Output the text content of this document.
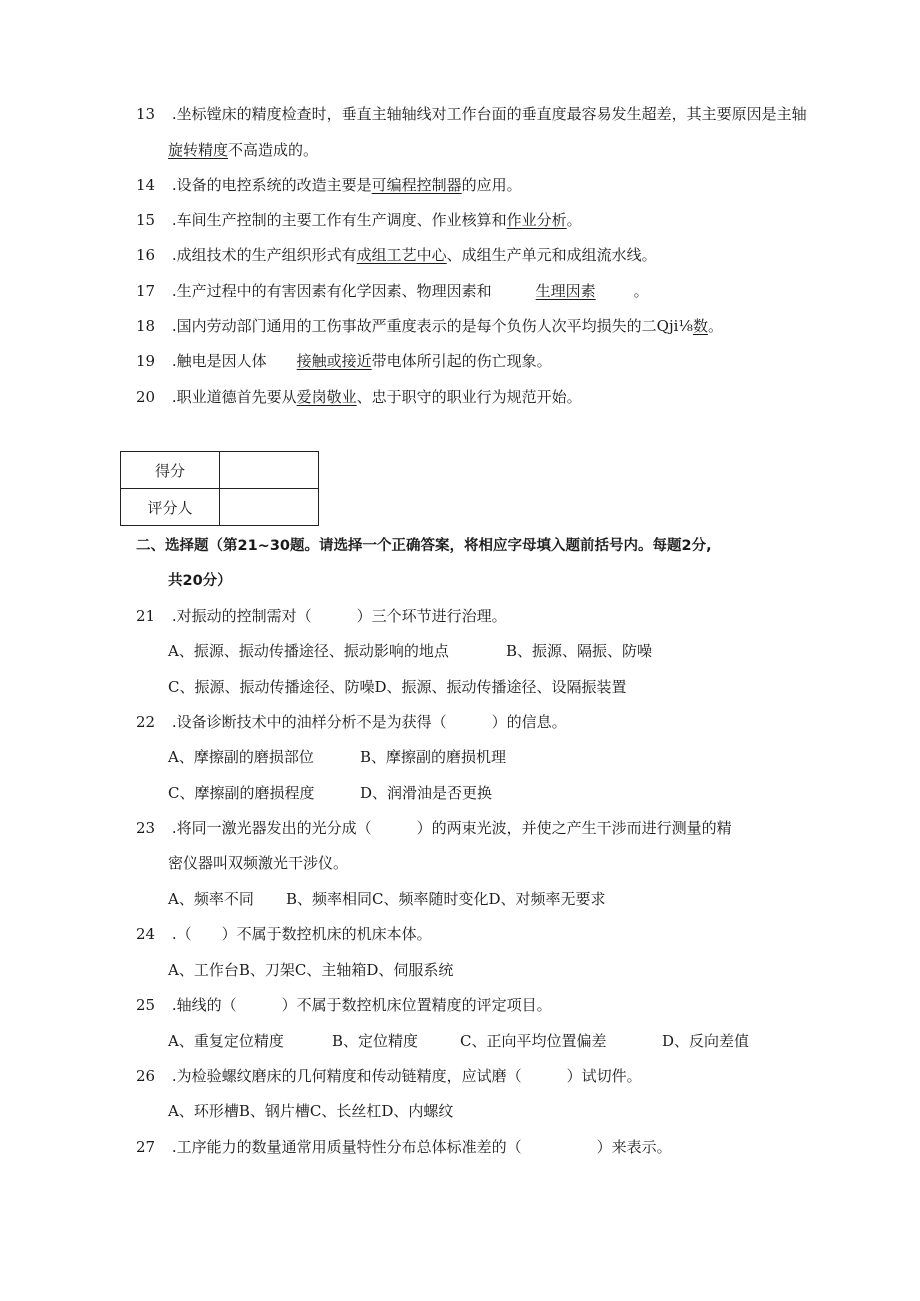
13 .坐标镗床的精度检查时，垂直主轴轴线对工作台面的垂直度最容易发生超差，其主要原因是主轴
旋转精度不高造成的。
14 .设备的电控系统的改造主要是可编程控制器的应用。
15 .车间生产控制的主要工作有生产调度、作业核算和作业分析。
16 .成组技术的生产组织形式有成组工艺中心、成组生产单元和成组流水线。
17 .生产过程中的有害因素有化学因素、物理因素和	生理因素	。
18 .国内劳动部门通用的工伤事故严重度表示的是每个负伤人次平均损失的二Qji⅛数。
19 .触电是因人体 接触或接近带电体所引起的伤亡现象。
20 .职业道德首先要从爱岗敬业、忠于职守的职业行为规范开始。
得分	
评分人	
二、选择题（第21~30题。请选择一个正确答案，将相应字母填入题前括号内。每题2分,
共20分）
21 .对振动的控制需对（　　　）三个环节进行治理。
A、振源、振动传播途径、振动影响的地点	B、振源、隔振、防噪
C、振源、振动传播途径、防噪D、振源、振动传播途径、设隔振装置
22 .设备诊断技术中的油样分析不是为获得（　　　）的信息。
A、摩擦副的磨损部位	B、摩擦副的磨损机理
C、摩擦副的磨损程度	D、润滑油是否更换
23 .将同一激光器发出的光分成（　　　）的两束光波，并使之产生干涉而进行测量的精
密仪器叫双频激光干涉仪。
A、频率不同 B、频率相同C、频率随时变化D、对频率无要求
24 .（　　）不属于数控机床的机床本体。
A、工作台B、刀架C、主轴箱D、伺服系统
25 .轴线的（　　　）不属于数控机床位置精度的评定项目。
A、重复定位精度	B、定位精度	C、正向平均位置偏差	D、反向差值
26 .为检验螺纹磨床的几何精度和传动链精度，应试磨（　　　）试切件。
A、环形槽B、钢片槽C、长丝杠D、内螺纹
27 .工序能力的数量通常用质量特性分布总体标准差的（　　　　　）来表示。
